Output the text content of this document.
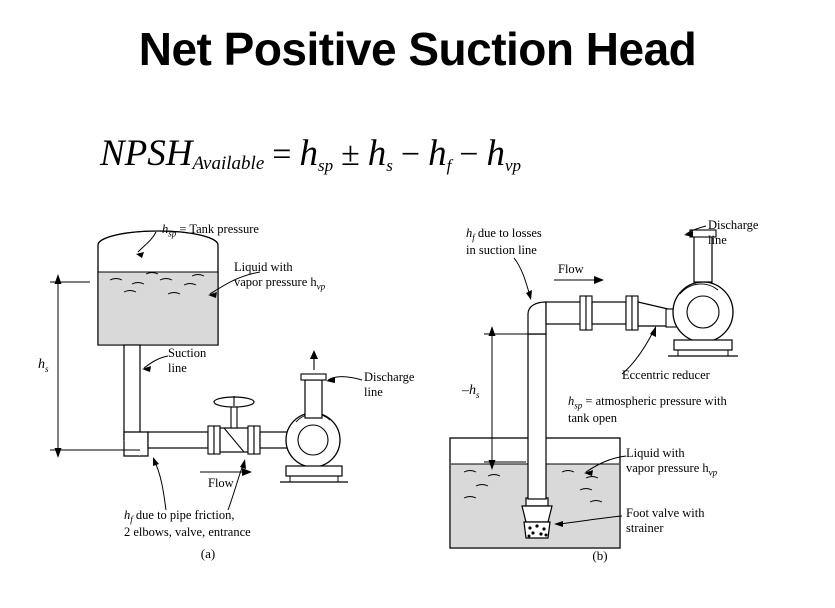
Net Positive Suction Head
NPSHAvailable = hsp ± hs − hf − hvp
$h_{sp}$ = Tank pressure
Liquid with
vapor pressure $h_{vp}$
Suction
line
Discharge
line
$h_s$
Flow
$h_f$ due to pipe friction,
2 elbows, valve, entrance
(a)
$h_f$ due to losses
in suction line
Discharge
line
Flow
Eccentric reducer
$h_{sp}$ = atmospheric pressure with
tank open
Liquid with
vapor pressure $h_{vp}$
Foot valve with
strainer
$-h_s$
(b)
